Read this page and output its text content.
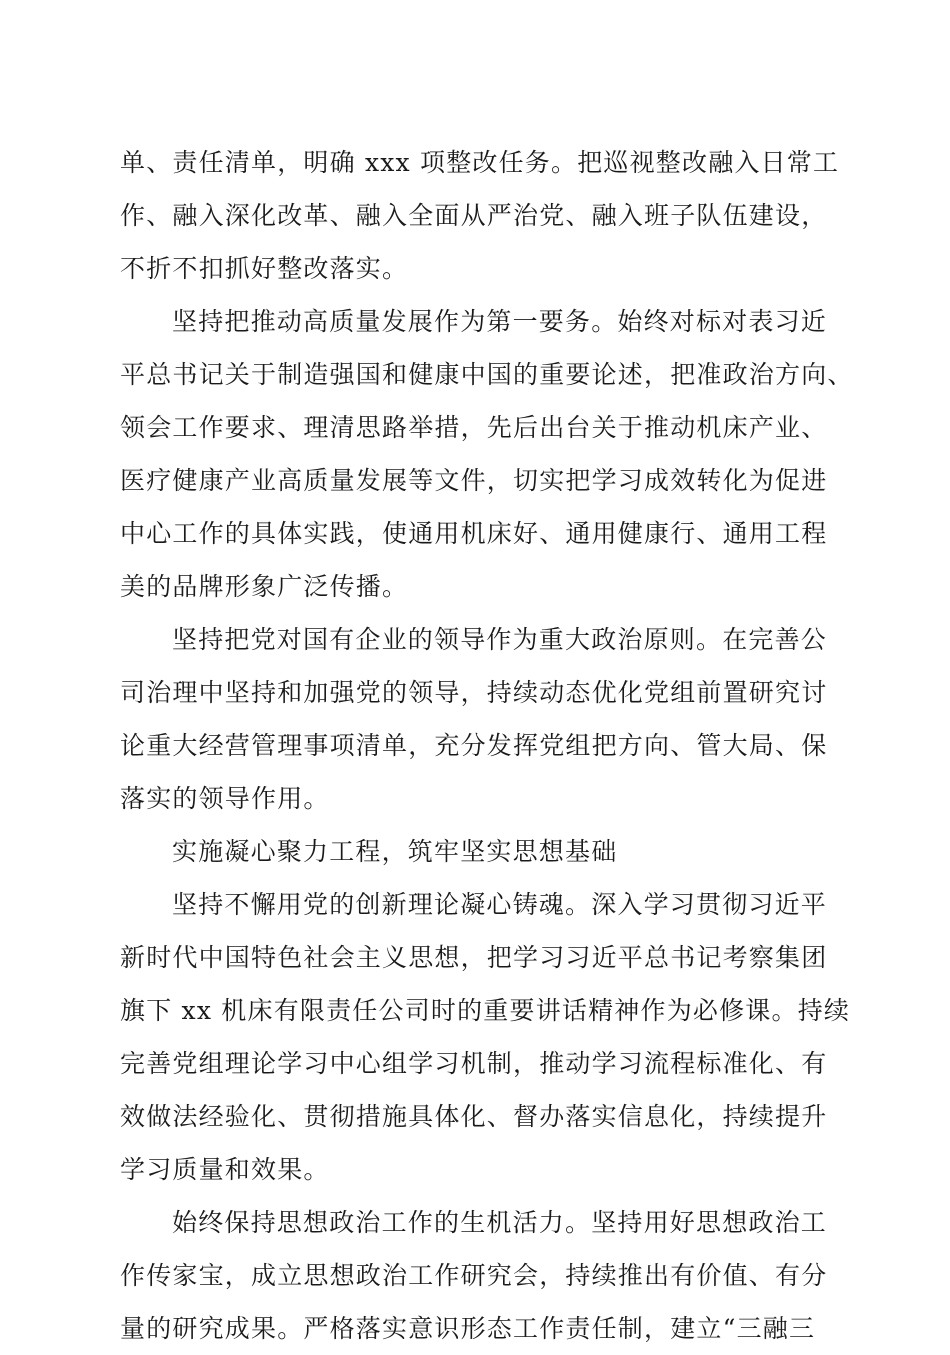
单、责任清单，明确 xxx 项整改任务。把巡视整改融入日常工
作、融入深化改革、融入全面从严治党、融入班子队伍建设，
不折不扣抓好整改落实。
坚持把推动高质量发展作为第一要务。始终对标对表习近
平总书记关于制造强国和健康中国的重要论述，把准政治方向、
领会工作要求、理清思路举措，先后出台关于推动机床产业、
医疗健康产业高质量发展等文件，切实把学习成效转化为促进
中心工作的具体实践，使通用机床好、通用健康行、通用工程
美的品牌形象广泛传播。
坚持把党对国有企业的领导作为重大政治原则。在完善公
司治理中坚持和加强党的领导，持续动态优化党组前置研究讨
论重大经营管理事项清单，充分发挥党组把方向、管大局、保
落实的领导作用。
实施凝心聚力工程，筑牢坚实思想基础
坚持不懈用党的创新理论凝心铸魂。深入学习贯彻习近平
新时代中国特色社会主义思想，把学习习近平总书记考察集团
旗下 xx 机床有限责任公司时的重要讲话精神作为必修课。持续
完善党组理论学习中心组学习机制，推动学习流程标准化、有
效做法经验化、贯彻措施具体化、督办落实信息化，持续提升
学习质量和效果。
始终保持思想政治工作的生机活力。坚持用好思想政治工
作传家宝，成立思想政治工作研究会，持续推出有价值、有分
量的研究成果。严格落实意识形态工作责任制，建立“三融三
